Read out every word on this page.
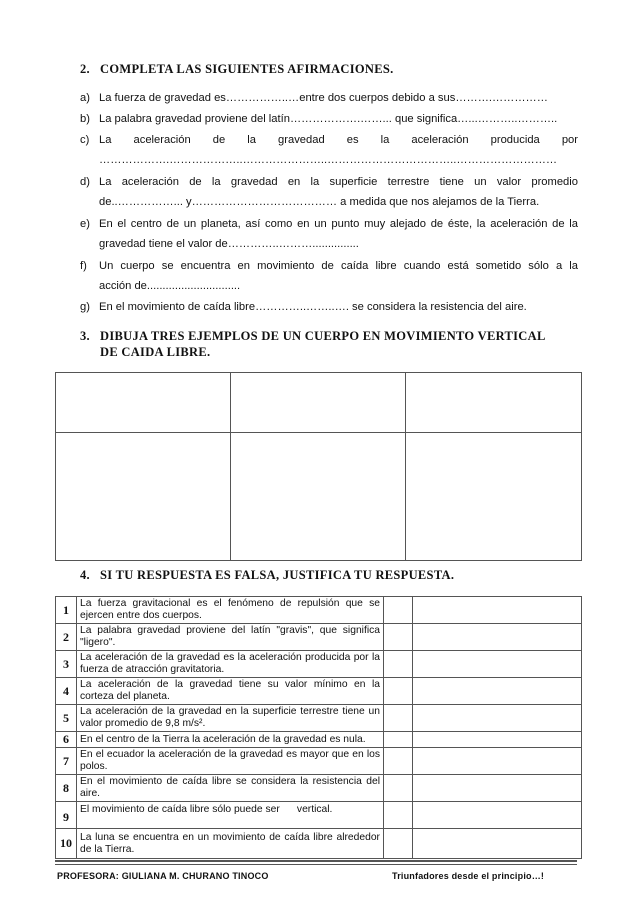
2. COMPLETA LAS SIGUIENTES AFIRMACIONES.
a) La fuerza de gravedad es……………..…entre dos cuerpos debido a sus……….……………
b) La palabra gravedad proviene del latín……………….……... que significa…...………..………..
c) La aceleración de la gravedad es la aceleración producida por
……………….………………..…………………..……………………………..………………………
d) La aceleración de la gravedad en la superficie terrestre tiene un valor promedio
de..……………... y………………………………… a medida que nos alejamos de la Tierra.
e) En el centro de un planeta, así como en un punto muy alejado de éste, la aceleración de la
gravedad tiene el valor de…………..………...............
f)	Un cuerpo se encuentra en movimiento de caída libre cuando está sometido sólo a la
acción de..............................
g) En el movimiento de caída libre…………..……..…. se considera la resistencia del aire.
3. DIBUJA TRES EJEMPLOS DE UN CUERPO EN MOVIMIENTO VERTICAL
DE CAIDA LIBRE.

4. SI TU RESPUESTA ES FALSA, JUSTIFICA TU RESPUESTA.
1	La fuerza gravitacional es el fenómeno de repulsión que se ejercen entre dos cuerpos.		
2	La palabra gravedad proviene del latín "gravis", que significa "ligero".		
3	La aceleración de la gravedad es la aceleración producida por la fuerza de atracción gravitatoria.		
4	La aceleración de la gravedad tiene su valor mínimo en la corteza del planeta.		
5	La aceleración de la gravedad en la superficie terrestre tiene un valor promedio de 9,8 m/s².		
6	En el centro de la Tierra la aceleración de la gravedad es nula.		
7	En el ecuador la aceleración de la gravedad es mayor que en los polos.		
8	En el movimiento de caída libre se considera la resistencia del aire.		
9	El movimiento de caída libre sólo puede ser      vertical.		
10	La luna se encuentra en un movimiento de caída libre alrededor de la Tierra.		
PROFESORA: GIULIANA M. CHURANO TINOCO	Triunfadores desde el principio…!
